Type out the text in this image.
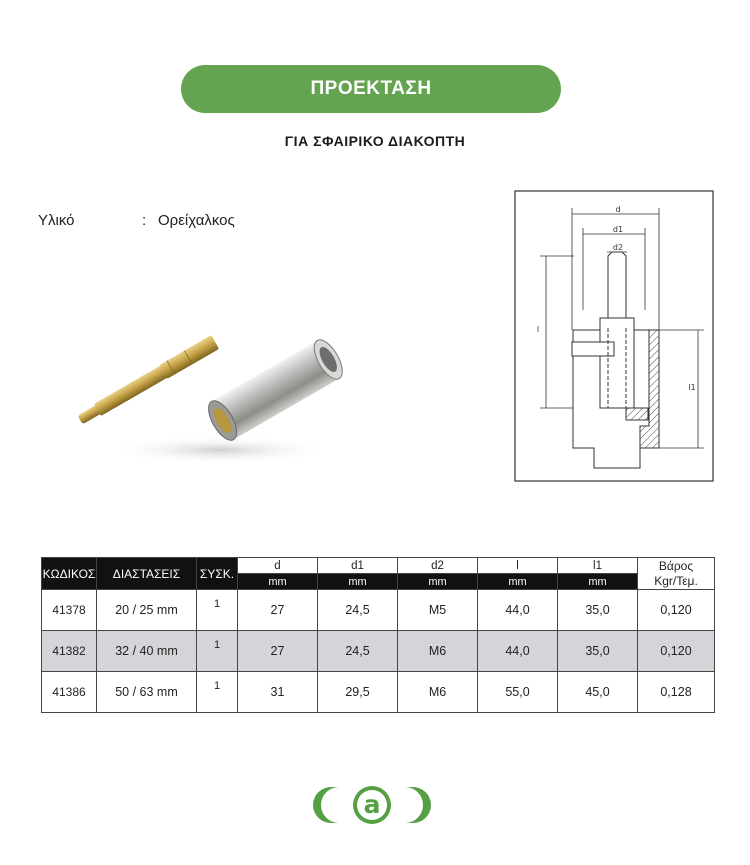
ΠΡΟΕΚΤΑΣΗ
ΓΙΑ ΣΦΑΙΡΙΚΟ ΔΙΑΚΟΠΤΗ
Υλικό	: Ορείχαλκος
d
d1
d2
l
l1
ΚΩΔΙΚΟΣ	ΔΙΑΣΤΑΣΕΙΣ	ΣΥΣΚ.	d	d1	d2	l	l1	Βάρος
Kgr/Τεμ.

			mm	mm	mm	mm	mm	
41378	20 / 25 mm	1	27	24,5	M5	44,0	35,0	0,120
41382	32 / 40 mm	1	27	24,5	M6	44,0	35,0	0,120
41386	50 / 63 mm	1	31	29,5	M6	55,0	45,0	0,128
a
